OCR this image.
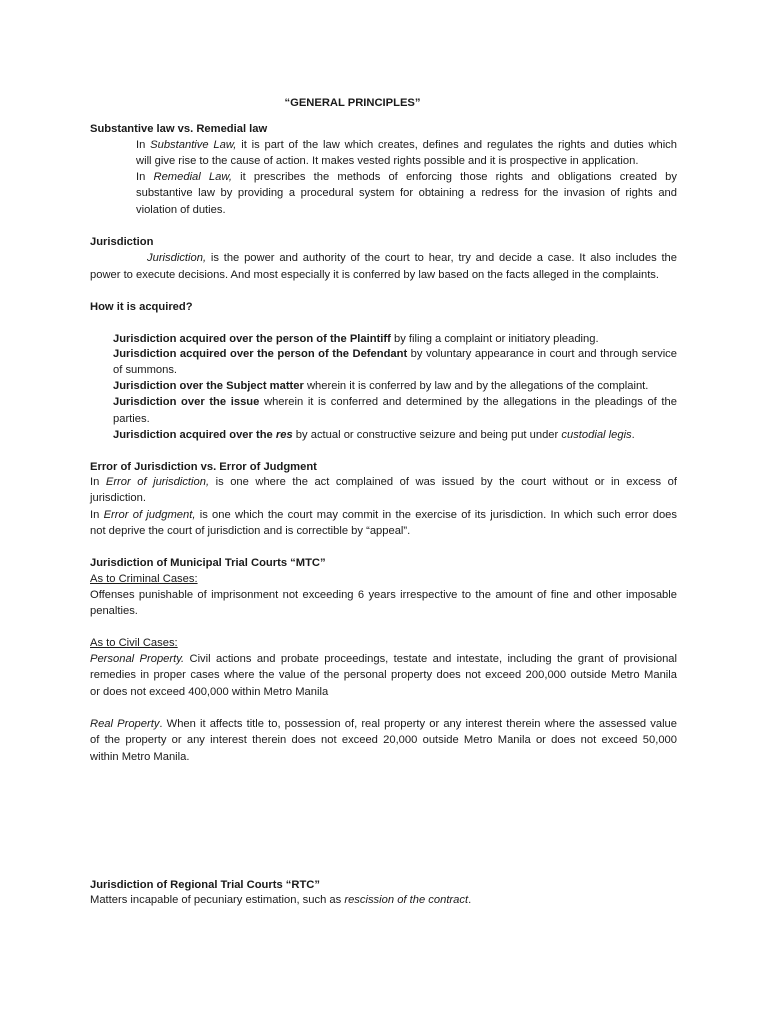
“GENERAL PRINCIPLES”
Substantive law vs. Remedial law
In Substantive Law, it is part of the law which creates, defines and regulates the rights and duties which
will give rise to the cause of action. It makes vested rights possible and it is prospective in application.
In Remedial Law, it prescribes the methods of enforcing those rights and obligations created by
substantive law by providing a procedural system for obtaining a redress for the invasion of rights and
violation of duties.
Jurisdiction
Jurisdiction, is the power and authority of the court to hear, try and decide a case. It also includes the
power to execute decisions. And most especially it is conferred by law based on the facts alleged in the complaints.
How it is acquired?
Jurisdiction acquired over the person of the Plaintiff by filing a complaint or initiatory pleading.
Jurisdiction acquired over the person of the Defendant by voluntary appearance in court and through service
of summons.
Jurisdiction over the Subject matter wherein it is conferred by law and by the allegations of the complaint.
Jurisdiction over the issue wherein it is conferred and determined by the allegations in the pleadings of the
parties.
Jurisdiction acquired over the res by actual or constructive seizure and being put under custodial legis.
Error of Jurisdiction vs. Error of Judgment
In Error of jurisdiction, is one where the act complained of was issued by the court without or in excess of
jurisdiction.
In Error of judgment, is one which the court may commit in the exercise of its jurisdiction. In which such error does
not deprive the court of jurisdiction and is correctible by “appeal”.
Jurisdiction of Municipal Trial Courts “MTC”
As to Criminal Cases:
Offenses punishable of imprisonment not exceeding 6 years irrespective to the amount of fine and other imposable
penalties.
As to Civil Cases:
Personal Property. Civil actions and probate proceedings, testate and intestate, including the grant of provisional
remedies in proper cases where the value of the personal property does not exceed 200,000 outside Metro Manila
or does not exceed 400,000 within Metro Manila
Real Property. When it affects title to, possession of, real property or any interest therein where the assessed value
of the property or any interest therein does not exceed 20,000 outside Metro Manila or does not exceed 50,000
within Metro Manila.
Jurisdiction of Regional Trial Courts “RTC”
Matters incapable of pecuniary estimation, such as rescission of the contract.
